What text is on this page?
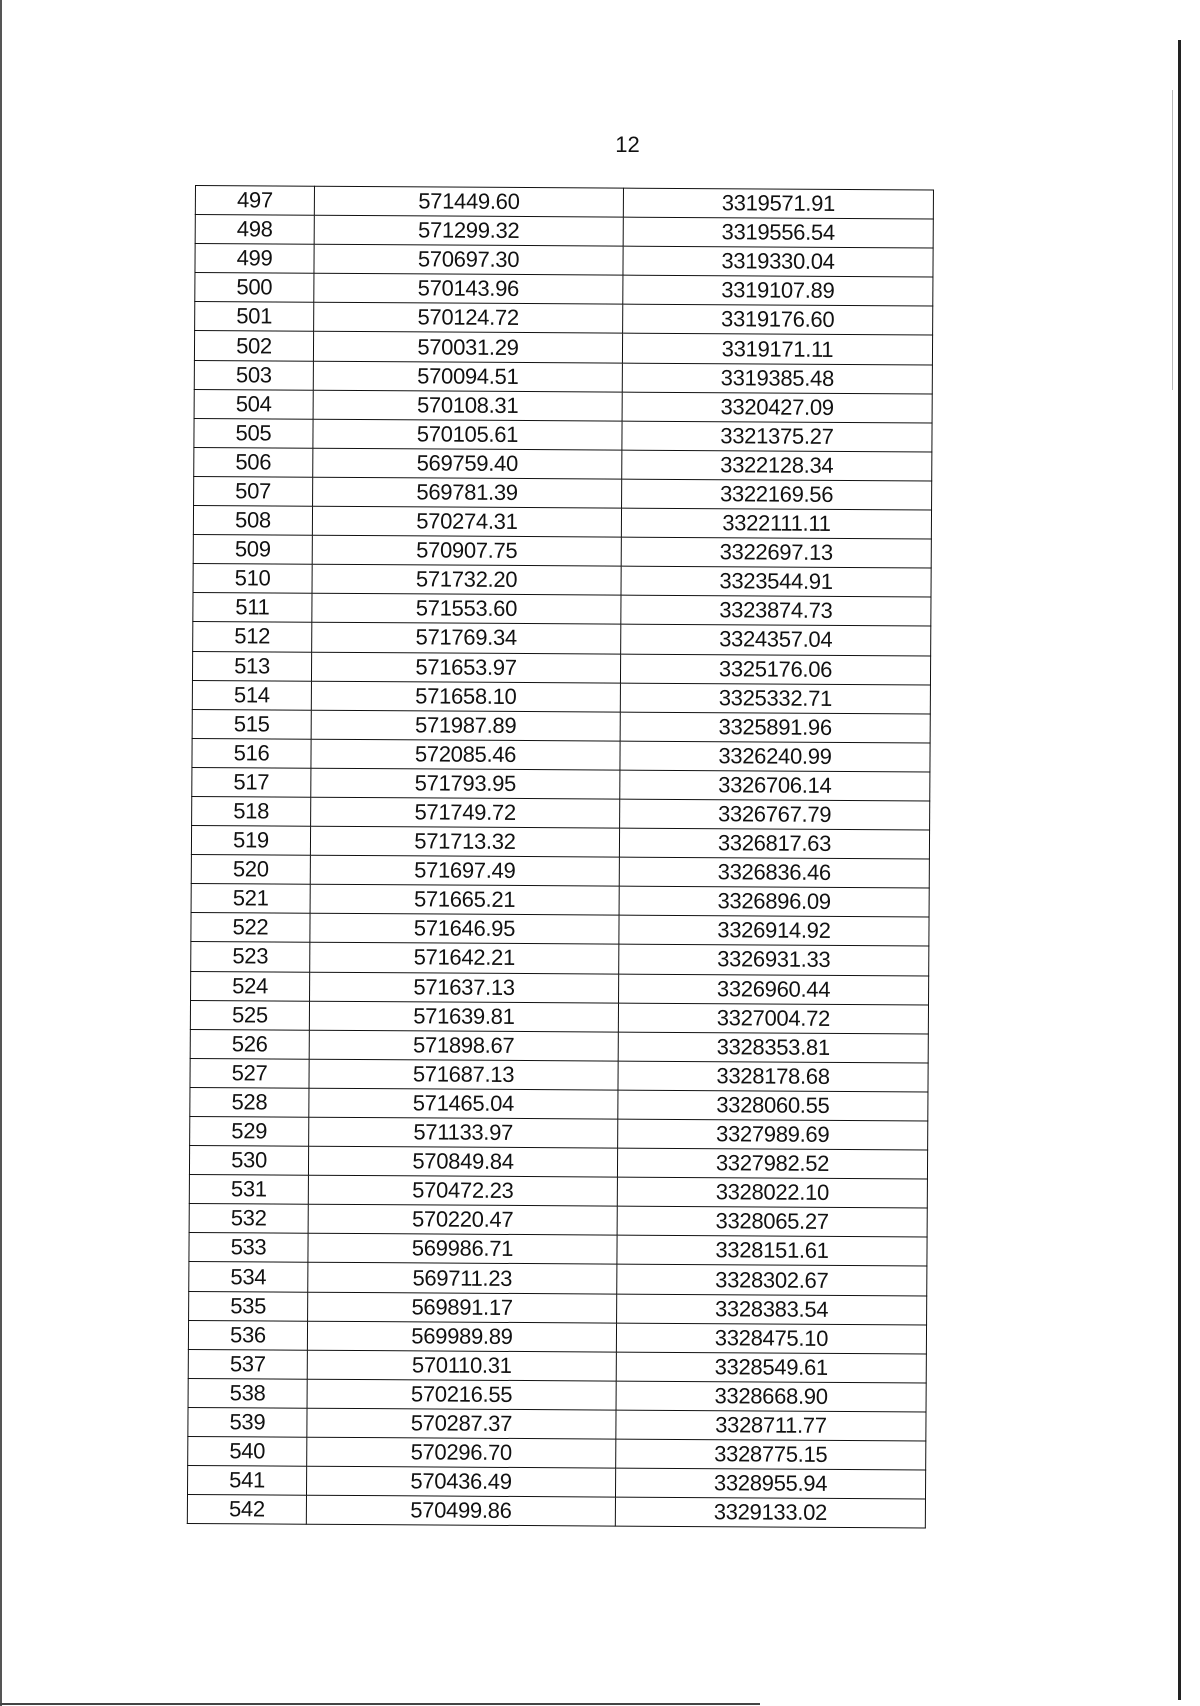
12
497	571449.60	3319571.91
498	571299.32	3319556.54
499	570697.30	3319330.04
500	570143.96	3319107.89
501	570124.72	3319176.60
502	570031.29	3319171.11
503	570094.51	3319385.48
504	570108.31	3320427.09
505	570105.61	3321375.27
506	569759.40	3322128.34
507	569781.39	3322169.56
508	570274.31	3322111.11
509	570907.75	3322697.13
510	571732.20	3323544.91
511	571553.60	3323874.73
512	571769.34	3324357.04
513	571653.97	3325176.06
514	571658.10	3325332.71
515	571987.89	3325891.96
516	572085.46	3326240.99
517	571793.95	3326706.14
518	571749.72	3326767.79
519	571713.32	3326817.63
520	571697.49	3326836.46
521	571665.21	3326896.09
522	571646.95	3326914.92
523	571642.21	3326931.33
524	571637.13	3326960.44
525	571639.81	3327004.72
526	571898.67	3328353.81
527	571687.13	3328178.68
528	571465.04	3328060.55
529	571133.97	3327989.69
530	570849.84	3327982.52
531	570472.23	3328022.10
532	570220.47	3328065.27
533	569986.71	3328151.61
534	569711.23	3328302.67
535	569891.17	3328383.54
536	569989.89	3328475.10
537	570110.31	3328549.61
538	570216.55	3328668.90
539	570287.37	3328711.77
540	570296.70	3328775.15
541	570436.49	3328955.94
542	570499.86	3329133.02
